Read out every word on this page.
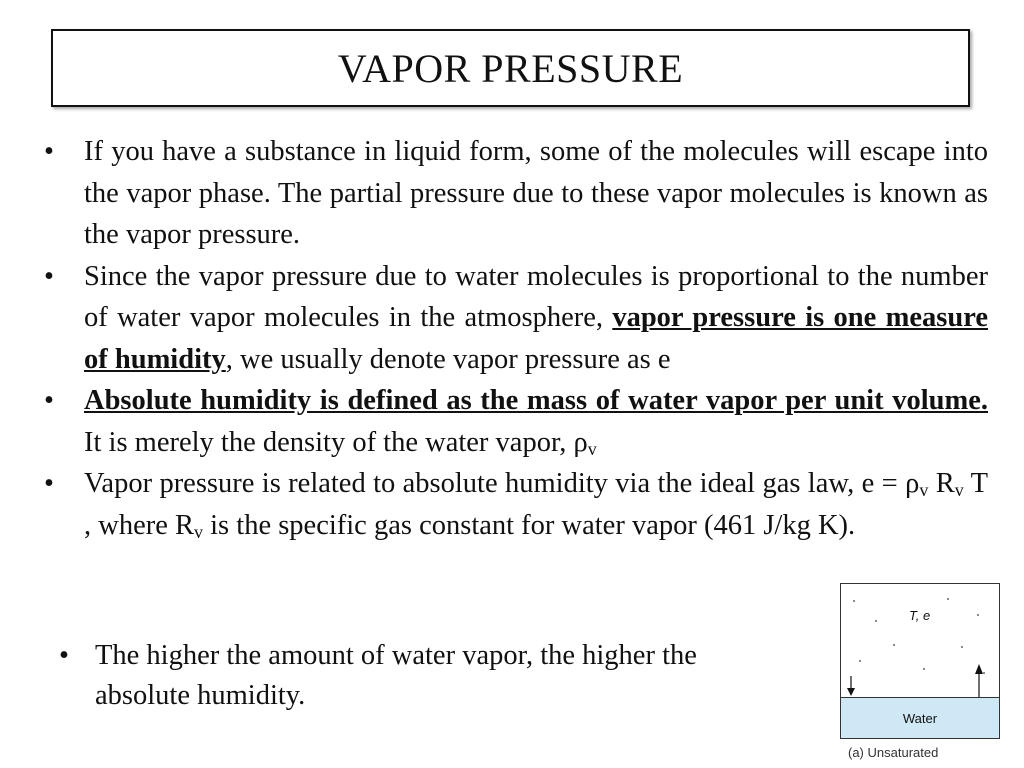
VAPOR PRESSURE
• If you have a substance in liquid form, some of the molecules will escape into the vapor phase. The partial pressure due to these vapor molecules is known as the vapor pressure.
• Since the vapor pressure due to water molecules is proportional to the number of water vapor molecules in the atmosphere, vapor pressure is one measure of humidity, we usually denote vapor pressure as e
• Absolute humidity is defined as the mass of water vapor per unit volume. It is merely the density of the water vapor, $\rho_v$
• Vapor pressure is related to absolute humidity via the ideal gas law, $e = \rho_v$ $R_v$ T , where $R_v$ is the specific gas constant for water vapor (461 J/kg K).
• The higher the amount of water vapor, the higher the absolute humidity.
T, e
Water
(a) Unsaturated
